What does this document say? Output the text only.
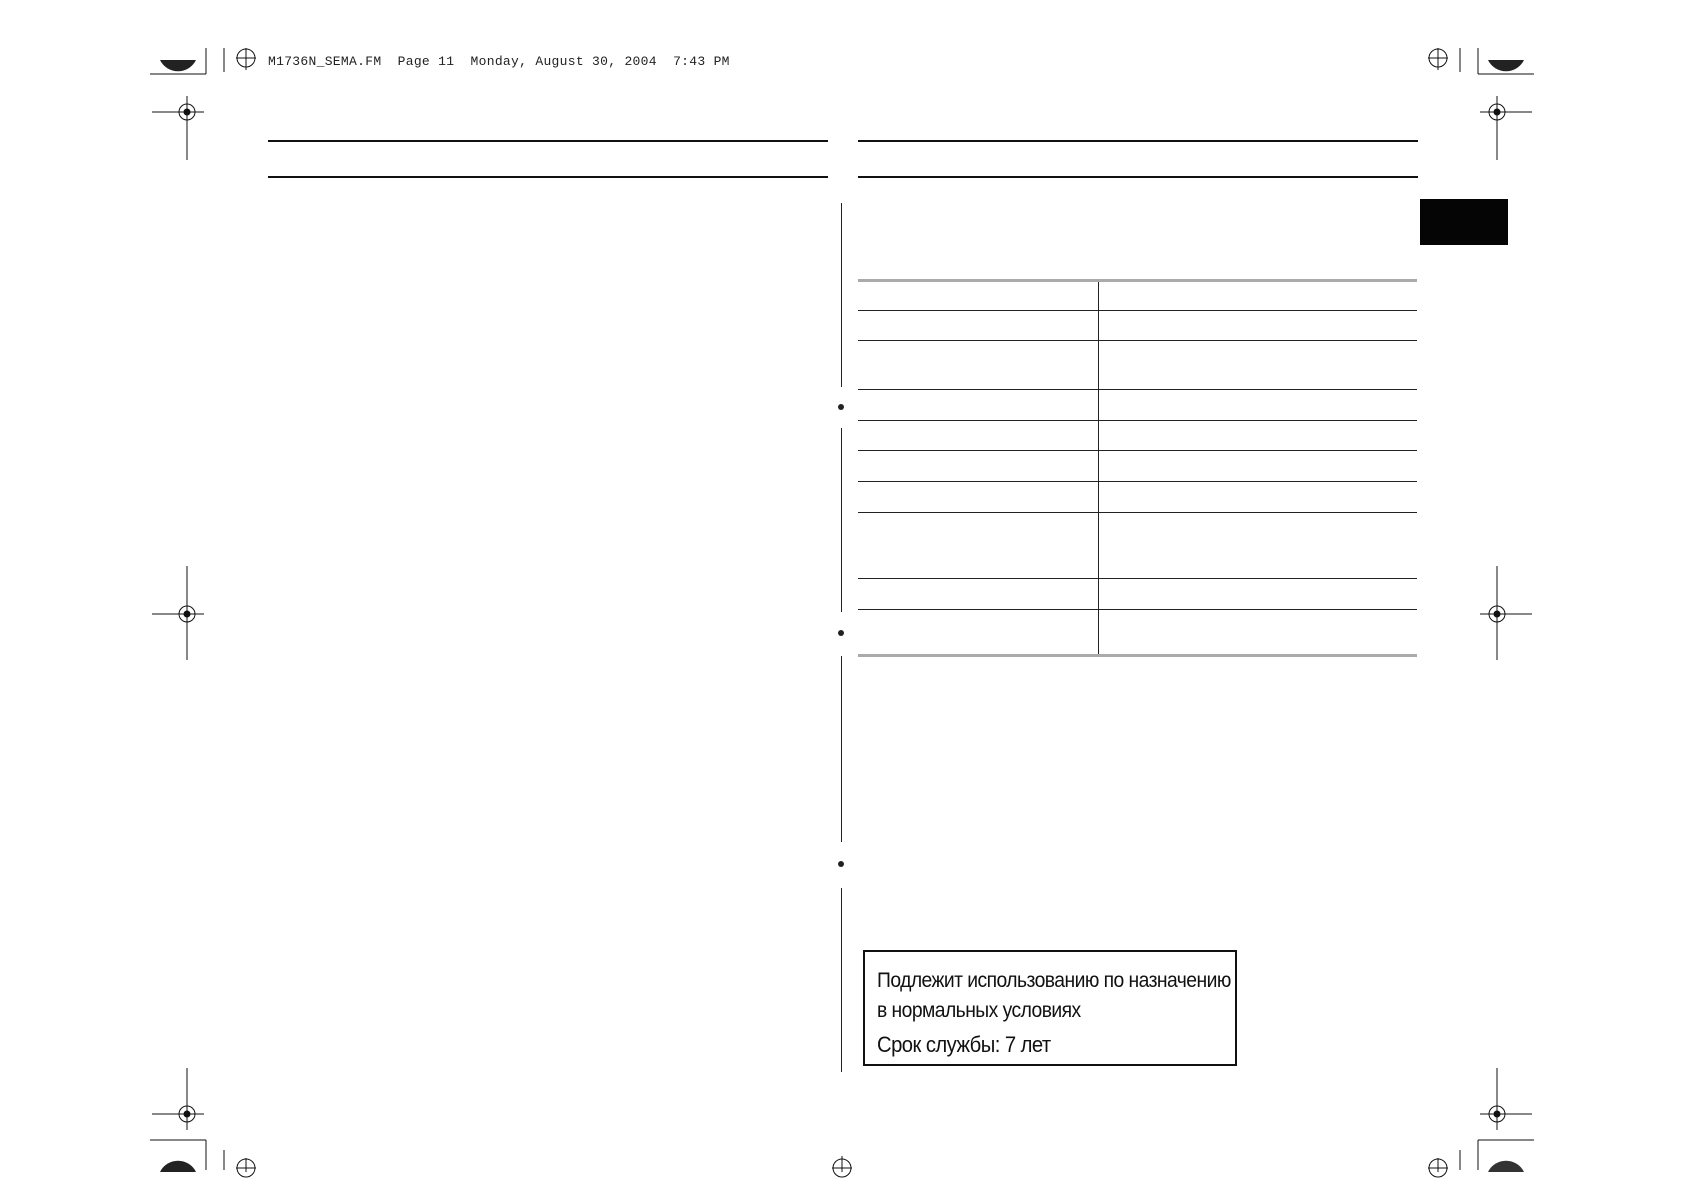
M1736N_SEMA.FM  Page 11  Monday, August 30, 2004  7:43 PM

Подлежит использованию по назначению
в нормальных условиях
Срок службы: 7 лет
